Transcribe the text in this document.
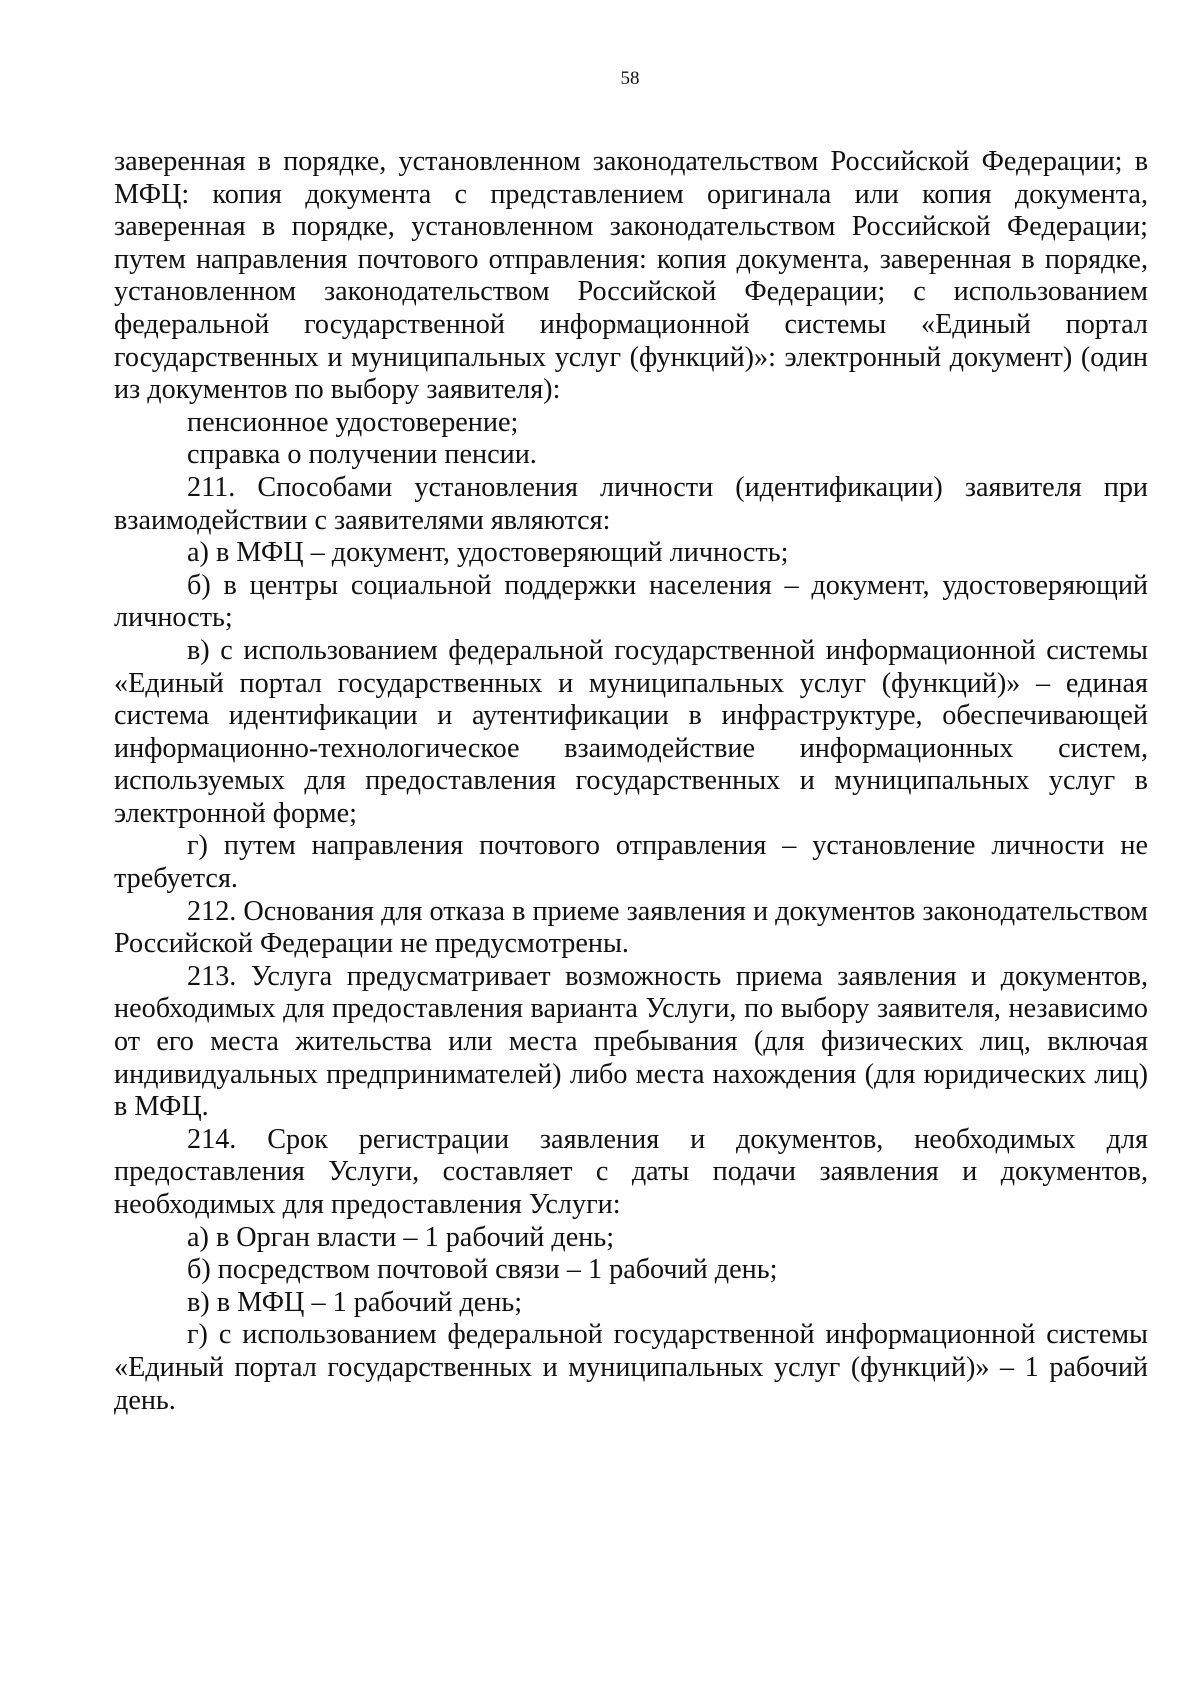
58

заверенная в порядке, установленном законодательством Российской Федерации; в МФЦ: копия документа с представлением оригинала или копия документа, заверенная в порядке, установленном законодательством Российской Федерации; путем направления почтового отправления: копия документа, заверенная в порядке, установленном законодательством Российской Федерации; с использованием федеральной государственной информационной системы «Единый портал государственных и муниципальных услуг (функций)»: электронный документ) (один из документов по выбору заявителя):

пенсионное удостоверение;

справка о получении пенсии.

211. Способами установления личности (идентификации) заявителя при взаимодействии с заявителями являются:

а) в МФЦ – документ, удостоверяющий личность;

б) в центры социальной поддержки населения – документ, удостоверяющий личность;

в) с использованием федеральной государственной информационной системы «Единый портал государственных и муниципальных услуг (функций)» – единая система идентификации и аутентификации в инфраструктуре, обеспечивающей информационно-технологическое взаимодействие информационных систем, используемых для предоставления государственных и муниципальных услуг в электронной форме;

г) путем направления почтового отправления – установление личности не требуется.

212. Основания для отказа в приеме заявления и документов законодательством Российской Федерации не предусмотрены.

213. Услуга предусматривает возможность приема заявления и документов, необходимых для предоставления варианта Услуги, по выбору заявителя, независимо от его места жительства или места пребывания (для физических лиц, включая индивидуальных предпринимателей) либо места нахождения (для юридических лиц) в МФЦ.

214. Срок регистрации заявления и документов, необходимых для предоставления Услуги, составляет с даты подачи заявления и документов, необходимых для предоставления Услуги:

а) в Орган власти – 1 рабочий день;

б) посредством почтовой связи – 1 рабочий день;

в) в МФЦ – 1 рабочий день;

г) с использованием федеральной государственной информационной системы «Единый портал государственных и муниципальных услуг (функций)» – 1 рабочий день.
